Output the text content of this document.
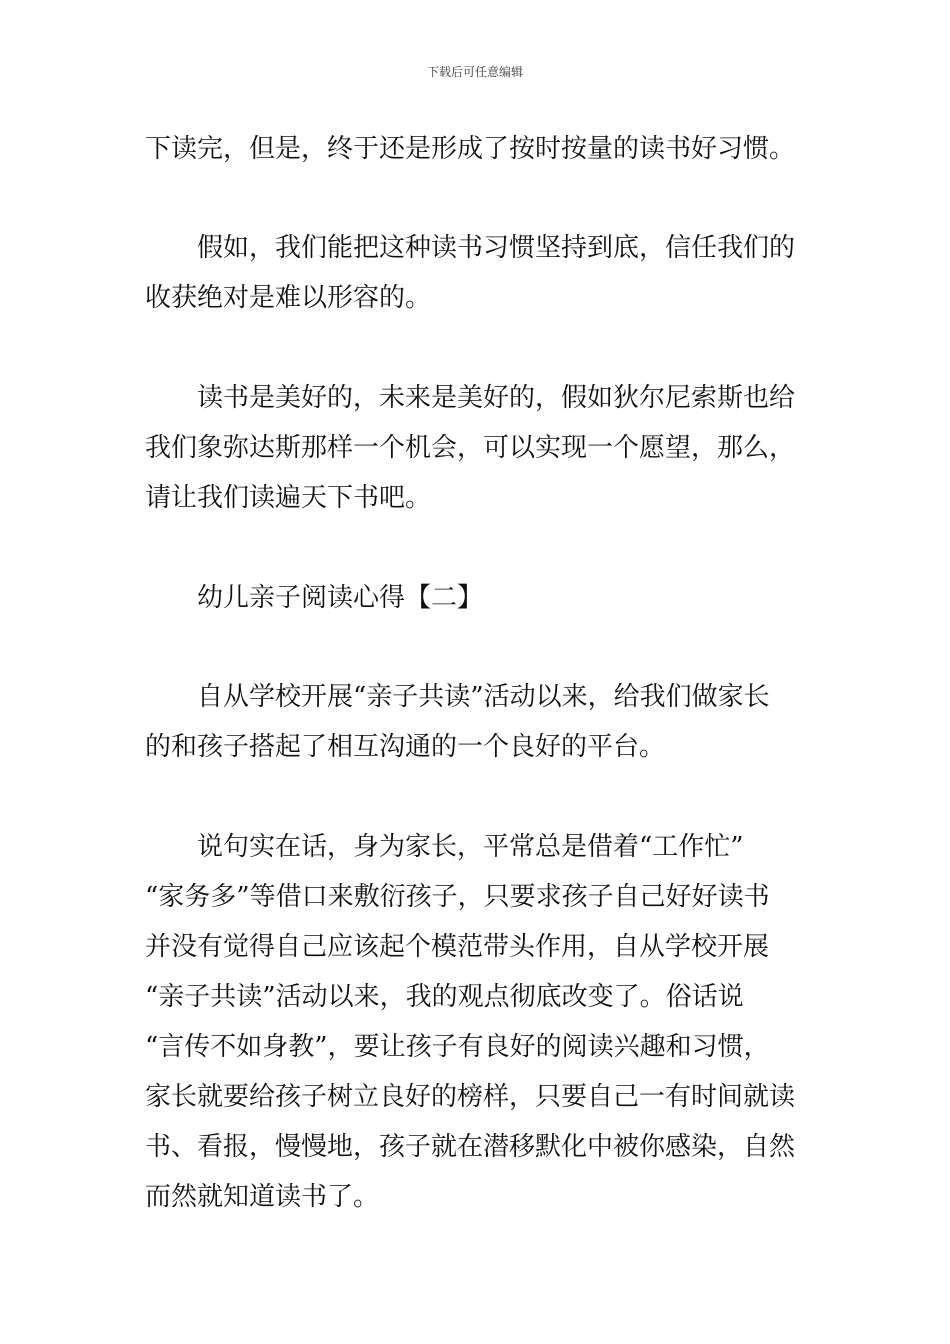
下载后可任意编辑
下读完，但是，终于还是形成了按时按量的读书好习惯。
假如，我们能把这种读书习惯坚持到底，信任我们的
收获绝对是难以形容的。
读书是美好的，未来是美好的，假如狄尔尼索斯也给
我们象弥达斯那样一个机会，可以实现一个愿望，那么，
请让我们读遍天下书吧。
幼儿亲子阅读心得【二】
自从学校开展“亲子共读”活动以来，给我们做家长
的和孩子搭起了相互沟通的一个良好的平台。
说句实在话，身为家长，平常总是借着“工作忙”
“家务多”等借口来敷衍孩子，只要求孩子自己好好读书
并没有觉得自己应该起个模范带头作用，自从学校开展
“亲子共读”活动以来，我的观点彻底改变了。俗话说
“言传不如身教”，要让孩子有良好的阅读兴趣和习惯，
家长就要给孩子树立良好的榜样，只要自己一有时间就读
书、看报，慢慢地，孩子就在潜移默化中被你感染，自然
而然就知道读书了。
